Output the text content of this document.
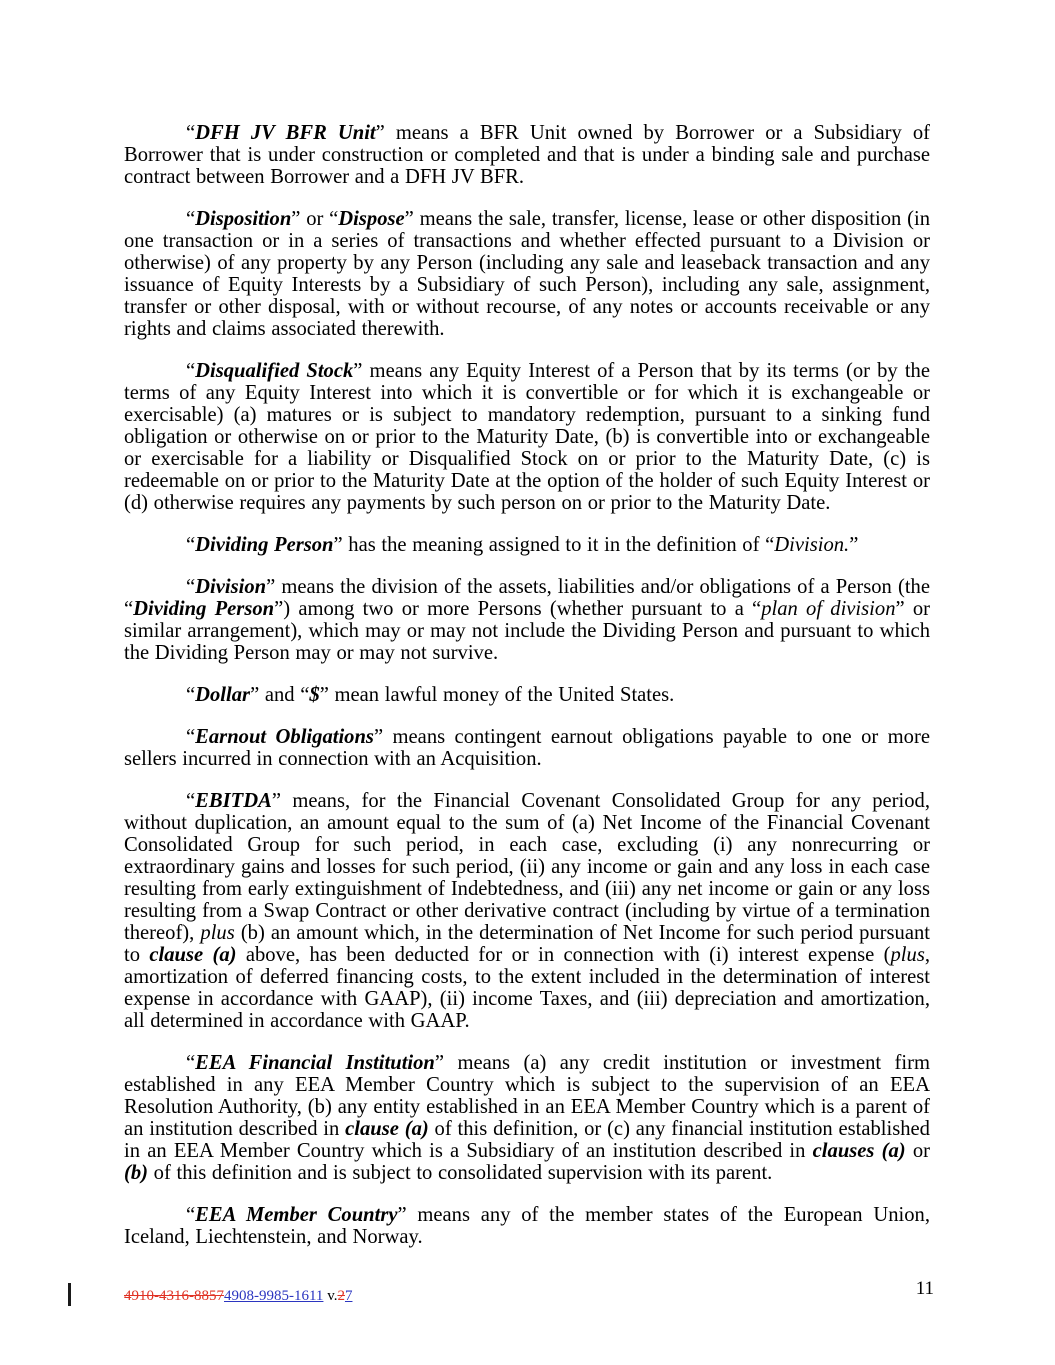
“DFH JV BFR Unit” means a BFR Unit owned by Borrower or a Subsidiary of Borrower that is under construction or completed and that is under a binding sale and purchase contract between Borrower and a DFH JV BFR.

“Disposition” or “Dispose” means the sale, transfer, license, lease or other disposition (in one transaction or in a series of transactions and whether effected pursuant to a Division or otherwise) of any property by any Person (including any sale and leaseback transaction and any issuance of Equity Interests by a Subsidiary of such Person), including any sale, assignment, transfer or other disposal, with or without recourse, of any notes or accounts receivable or any rights and claims associated therewith.

“Disqualified Stock” means any Equity Interest of a Person that by its terms (or by the terms of any Equity Interest into which it is convertible or for which it is exchangeable or exercisable) (a) matures or is subject to mandatory redemption, pursuant to a sinking fund obligation or otherwise on or prior to the Maturity Date, (b) is convertible into or exchangeable or exercisable for a liability or Disqualified Stock on or prior to the Maturity Date, (c) is redeemable on or prior to the Maturity Date at the option of the holder of such Equity Interest or (d) otherwise requires any payments by such person on or prior to the Maturity Date.

“Dividing Person” has the meaning assigned to it in the definition of “Division.”

“Division” means the division of the assets, liabilities and/or obligations of a Person (the “Dividing Person”) among two or more Persons (whether pursuant to a “plan of division” or similar arrangement), which may or may not include the Dividing Person and pursuant to which the Dividing Person may or may not survive.

“Dollar” and “$” mean lawful money of the United States.

“Earnout Obligations” means contingent earnout obligations payable to one or more sellers incurred in connection with an Acquisition.

“EBITDA” means, for the Financial Covenant Consolidated Group for any period, without duplication, an amount equal to the sum of (a) Net Income of the Financial Covenant Consolidated Group for such period, in each case, excluding (i) any nonrecurring or extraordinary gains and losses for such period, (ii) any income or gain and any loss in each case resulting from early extinguishment of Indebtedness, and (iii) any net income or gain or any loss resulting from a Swap Contract or other derivative contract (including by virtue of a termination thereof), plus (b) an amount which, in the determination of Net Income for such period pursuant to clause (a) above, has been deducted for or in connection with (i) interest expense (plus, amortization of deferred financing costs, to the extent included in the determination of interest expense in accordance with GAAP), (ii) income Taxes, and (iii) depreciation and amortization, all determined in accordance with GAAP.

“EEA Financial Institution” means (a) any credit institution or investment firm established in any EEA Member Country which is subject to the supervision of an EEA Resolution Authority, (b) any entity established in an EEA Member Country which is a parent of an institution described in clause (a) of this definition, or (c) any financial institution established in an EEA Member Country which is a Subsidiary of an institution described in clauses (a) or (b) of this definition and is subject to consolidated supervision with its parent.

“EEA Member Country” means any of the member states of the European Union, Iceland, Liechtenstein, and Norway.

4910-4316-88574908-9985-1611 v.27	11
